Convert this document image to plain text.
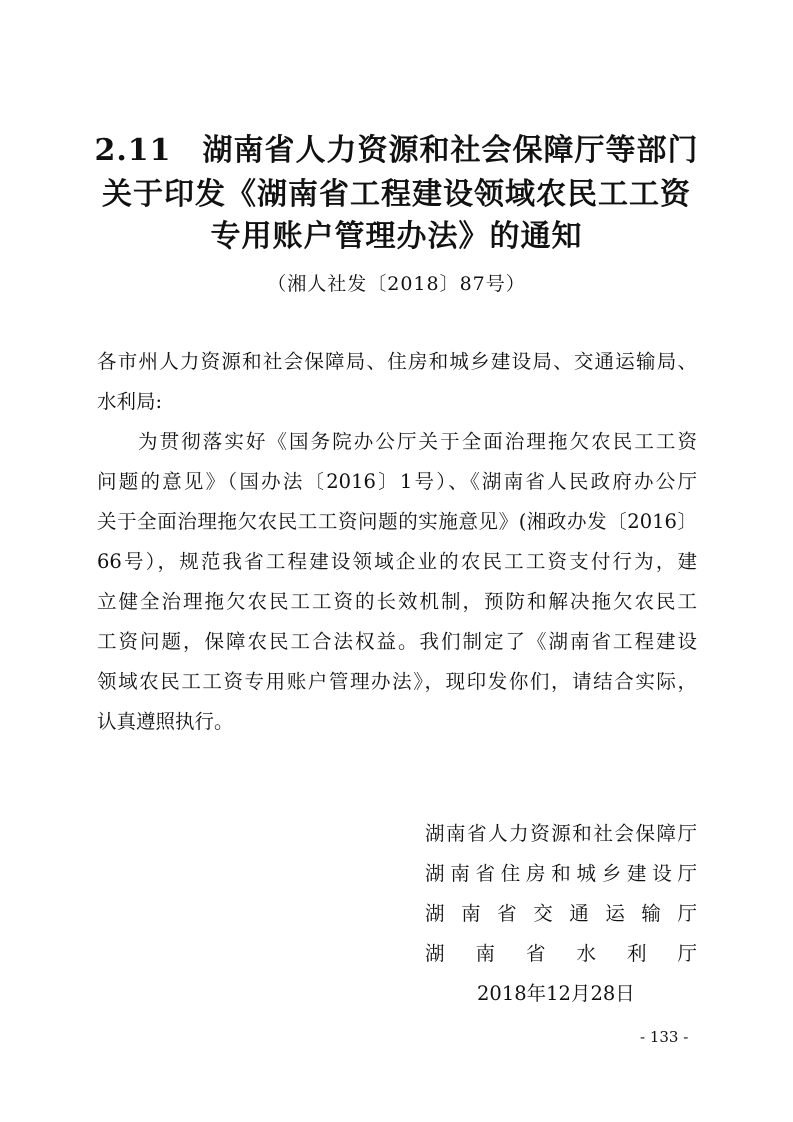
2.11　湖南省人力资源和社会保障厅等部门
关于印发《湖南省工程建设领域农民工工资
专用账户管理办法》的通知
（湘人社发〔2018〕87号）
各市州人力资源和社会保障局、住房和城乡建设局、交通运输局、
水利局:
为贯彻落实好《国务院办公厅关于全面治理拖欠农民工工资
问题的意见》（国办法〔2016〕1号）、《湖南省人民政府办公厅
关于全面治理拖欠农民工工资问题的实施意见》(湘政办发〔2016〕
66号），规范我省工程建设领域企业的农民工工资支付行为，建
立健全治理拖欠农民工工资的长效机制，预防和解决拖欠农民工
工资问题，保障农民工合法权益。我们制定了《湖南省工程建设
领域农民工工资专用账户管理办法》，现印发你们，请结合实际，
认真遵照执行。
湖南省人力资源和社会保障厅
湖南省住房和城乡建设厅
湖南省交通运输厅
湖南省水利厅
2018年12月28日
- 133 -
